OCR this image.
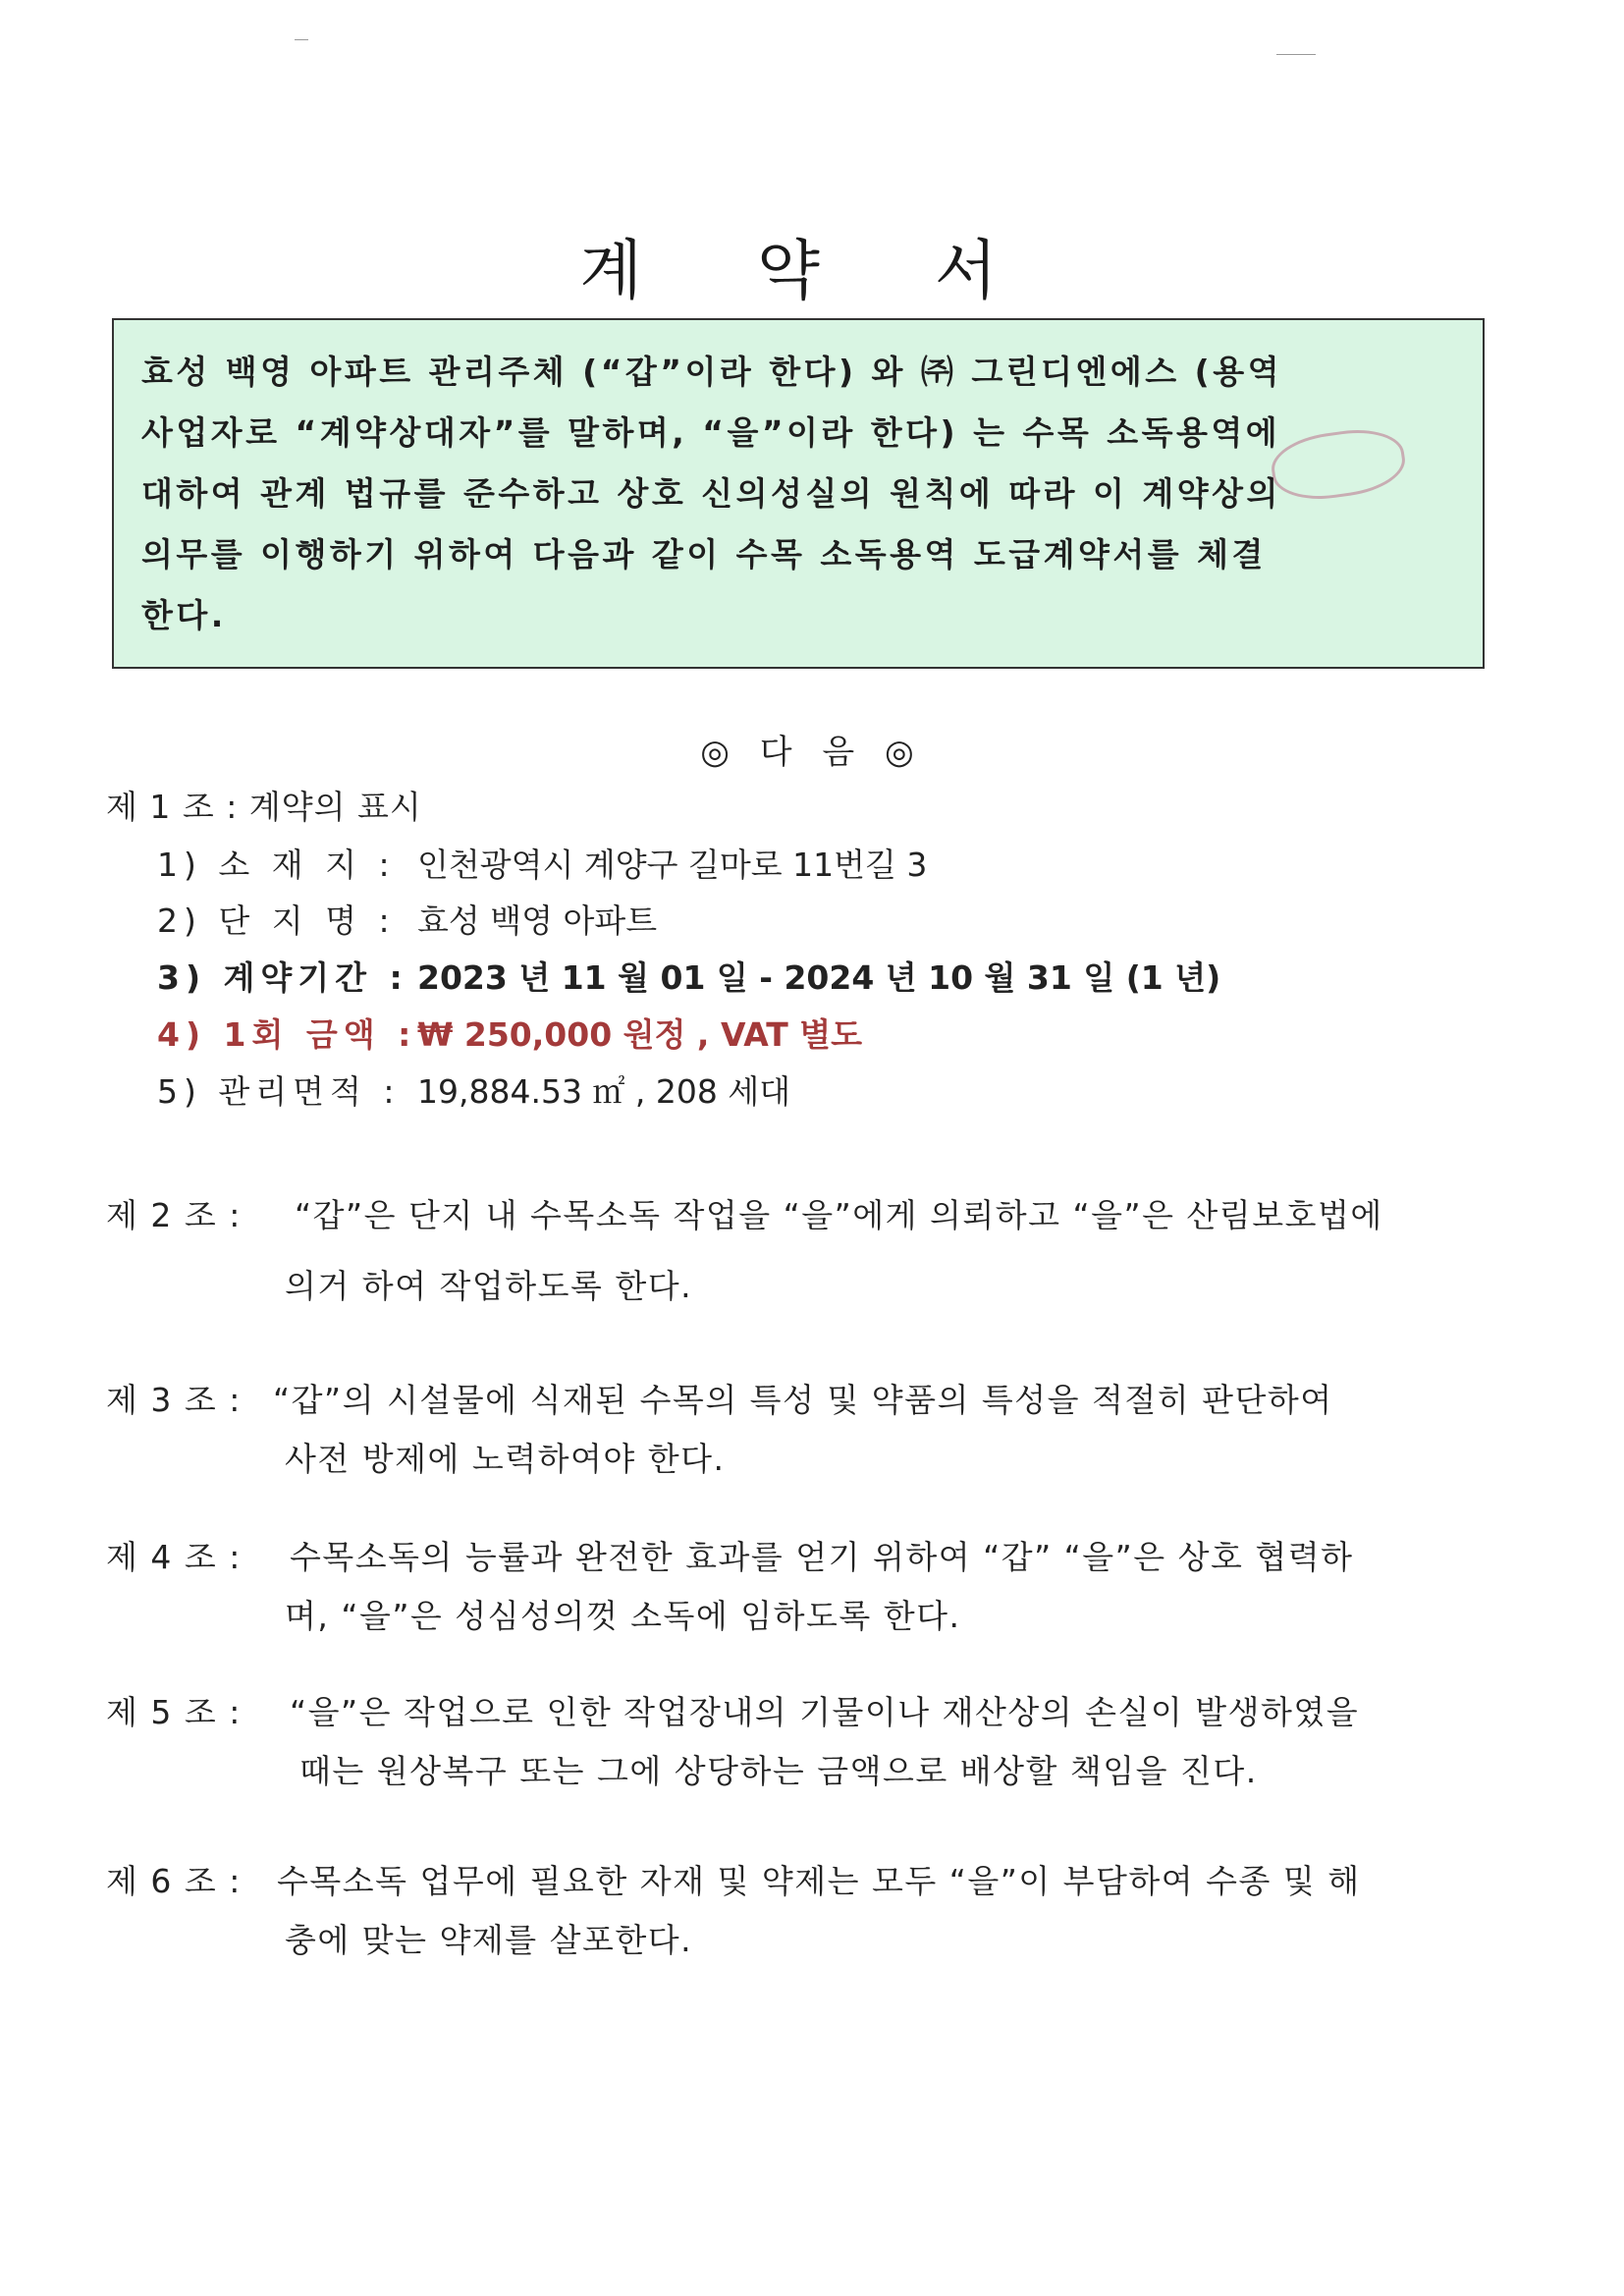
계 약 서

효성 백영 아파트 관리주체 (“갑”이라 한다) 와 ㈜ 그린디엔에스 (용역

사업자로 “계약상대자”를 말하며, “을”이라 한다) 는 수목 소독용역에

대하여 관계 법규를 준수하고 상호 신의성실의 원칙에 따라 이 계약상의

의무를 이행하기 위하여 다음과 같이 수목 소독용역 도급계약서를 체결

한다.

◎ 다 음 ◎
제 1 조 : 계약의 표시
1) 소 재 지 : 인천광역시 계양구 길마로 11번길 3
2) 단 지 명 : 효성 백영 아파트
3) 계약기간 : 2023 년 11 월 01 일 - 2024 년 10 월 31 일 (1 년)
4) 1회 금액 : ₩ 250,000 원정 , VAT 별도
5) 관리면적 : 19,884.53 ㎡ , 208 세대
제 2 조 : “갑”은 단지 내 수목소독 작업을 “을”에게 의뢰하고 “을”은 산림보호법에
의거 하여 작업하도록 한다.
제 3 조 : “갑”의 시설물에 식재된 수목의 특성 및 약품의 특성을 적절히 판단하여
사전 방제에 노력하여야 한다.
제 4 조 : 수목소독의 능률과 완전한 효과를 얻기 위하여 “갑” “을”은 상호 협력하
며, “을”은 성심성의껏 소독에 임하도록 한다.
제 5 조 : “을”은 작업으로 인한 작업장내의 기물이나 재산상의 손실이 발생하였을
때는 원상복구 또는 그에 상당하는 금액으로 배상할 책임을 진다.
제 6 조 : 수목소독 업무에 필요한 자재 및 약제는 모두 “을”이 부담하여 수종 및 해
충에 맞는 약제를 살포한다.
